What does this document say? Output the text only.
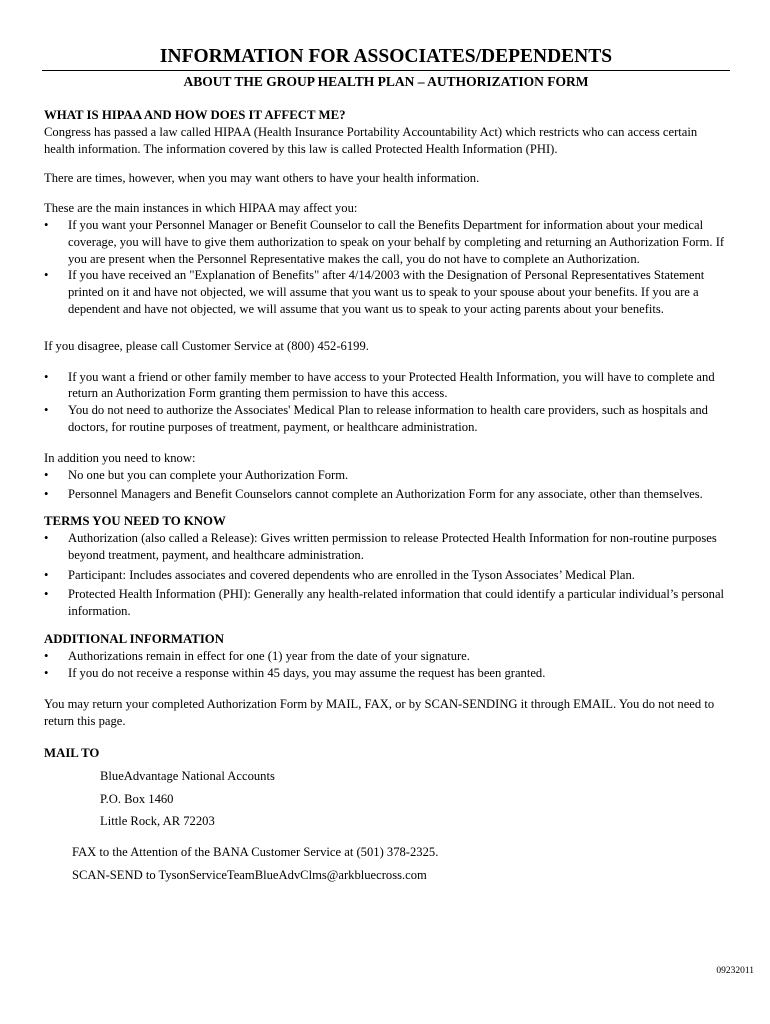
INFORMATION FOR ASSOCIATES/DEPENDENTS
ABOUT THE GROUP HEALTH PLAN – AUTHORIZATION FORM

WHAT IS HIPAA AND HOW DOES IT AFFECT ME?

Congress has passed a law called HIPAA (Health Insurance Portability Accountability Act) which restricts who can access certain health information. The information covered by this law is called Protected Health Information (PHI).

There are times, however, when you may want others to have your health information.

These are the main instances in which HIPAA may affect you:

• If you want your Personnel Manager or Benefit Counselor to call the Benefits Department for information about your medical coverage, you will have to give them authorization to speak on your behalf by completing and returning an Authorization Form. If you are present when the Personnel Representative makes the call, you do not have to complete an Authorization.
• If you have received an "Explanation of Benefits" after 4/14/2003 with the Designation of Personal Representatives Statement printed on it and have not objected, we will assume that you want us to speak to your spouse about your benefits. If you are a dependent and have not objected, we will assume that you want us to speak to your acting parents about your benefits.

If you disagree, please call Customer Service at (800) 452-6199.

• If you want a friend or other family member to have access to your Protected Health Information, you will have to complete and return an Authorization Form granting them permission to have this access.
• You do not need to authorize the Associates' Medical Plan to release information to health care providers, such as hospitals and doctors, for routine purposes of treatment, payment, or healthcare administration.

In addition you need to know:

• No one but you can complete your Authorization Form.
• Personnel Managers and Benefit Counselors cannot complete an Authorization Form for any associate, other than themselves.

TERMS YOU NEED TO KNOW

• Authorization (also called a Release): Gives written permission to release Protected Health Information for non-routine purposes beyond treatment, payment, and healthcare administration.
• Participant: Includes associates and covered dependents who are enrolled in the Tyson Associates’ Medical Plan.
• Protected Health Information (PHI): Generally any health-related information that could identify a particular individual’s personal information.

ADDITIONAL INFORMATION

• Authorizations remain in effect for one (1) year from the date of your signature.
• If you do not receive a response within 45 days, you may assume the request has been granted.

You may return your completed Authorization Form by MAIL, FAX, or by SCAN-SENDING it through EMAIL. You do not need to return this page.

MAIL TO

BlueAdvantage National Accounts

P.O. Box 1460

Little Rock, AR 72203

FAX to the Attention of the BANA Customer Service at (501) 378-2325.

SCAN-SEND to TysonServiceTeamBlueAdvClms@arkbluecross.com

09232011
